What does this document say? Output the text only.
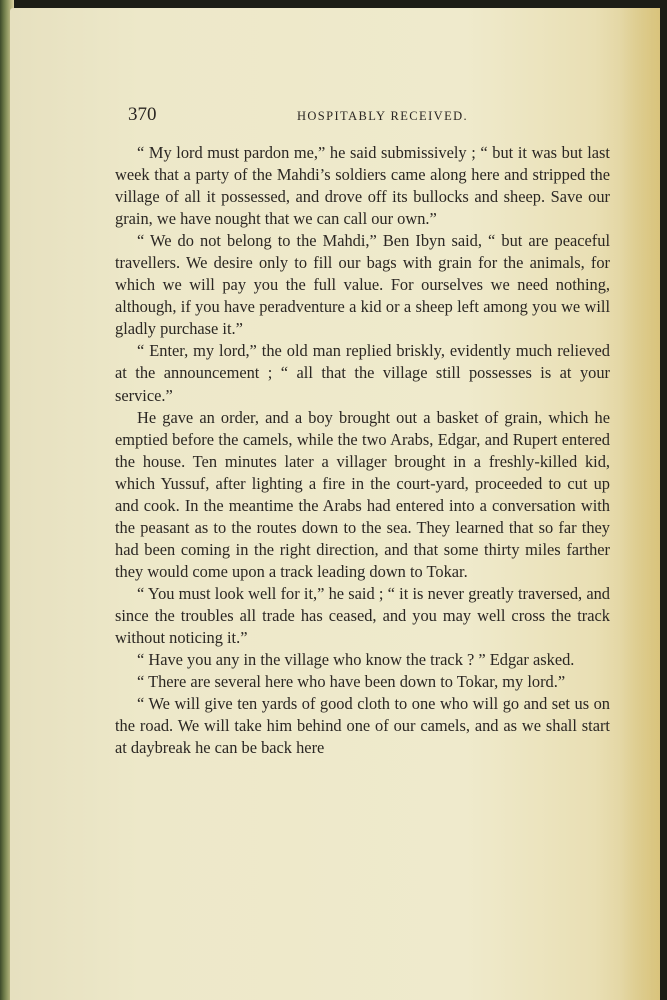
370	HOSPITABLY RECEIVED.

“ My lord must pardon me,” he said submissively ; “ but it was but last week that a party of the Mahdi’s soldiers came along here and stripped the village of all it possessed, and drove off its bullocks and sheep. Save our grain, we have nought that we can call our own.”

“ We do not belong to the Mahdi,” Ben Ibyn said, “ but are peaceful travellers. We desire only to fill our bags with grain for the animals, for which we will pay you the full value. For ourselves we need nothing, although, if you have peradventure a kid or a sheep left among you we will gladly purchase it.”

“ Enter, my lord,” the old man replied briskly, evidently much relieved at the announcement ; “ all that the village still possesses is at your service.”

He gave an order, and a boy brought out a basket of grain, which he emptied before the camels, while the two Arabs, Edgar, and Rupert entered the house. Ten minutes later a villager brought in a freshly-killed kid, which Yussuf, after lighting a fire in the court-yard, proceeded to cut up and cook. In the meantime the Arabs had entered into a conversation with the peasant as to the routes down to the sea. They learned that so far they had been coming in the right direction, and that some thirty miles farther they would come upon a track leading down to Tokar.

“ You must look well for it,” he said ; “ it is never greatly traversed, and since the troubles all trade has ceased, and you may well cross the track without noticing it.”

“ Have you any in the village who know the track ? ” Edgar asked.

“ There are several here who have been down to Tokar, my lord.”

“ We will give ten yards of good cloth to one who will go and set us on the road. We will take him behind one of our camels, and as we shall start at daybreak he can be back here
